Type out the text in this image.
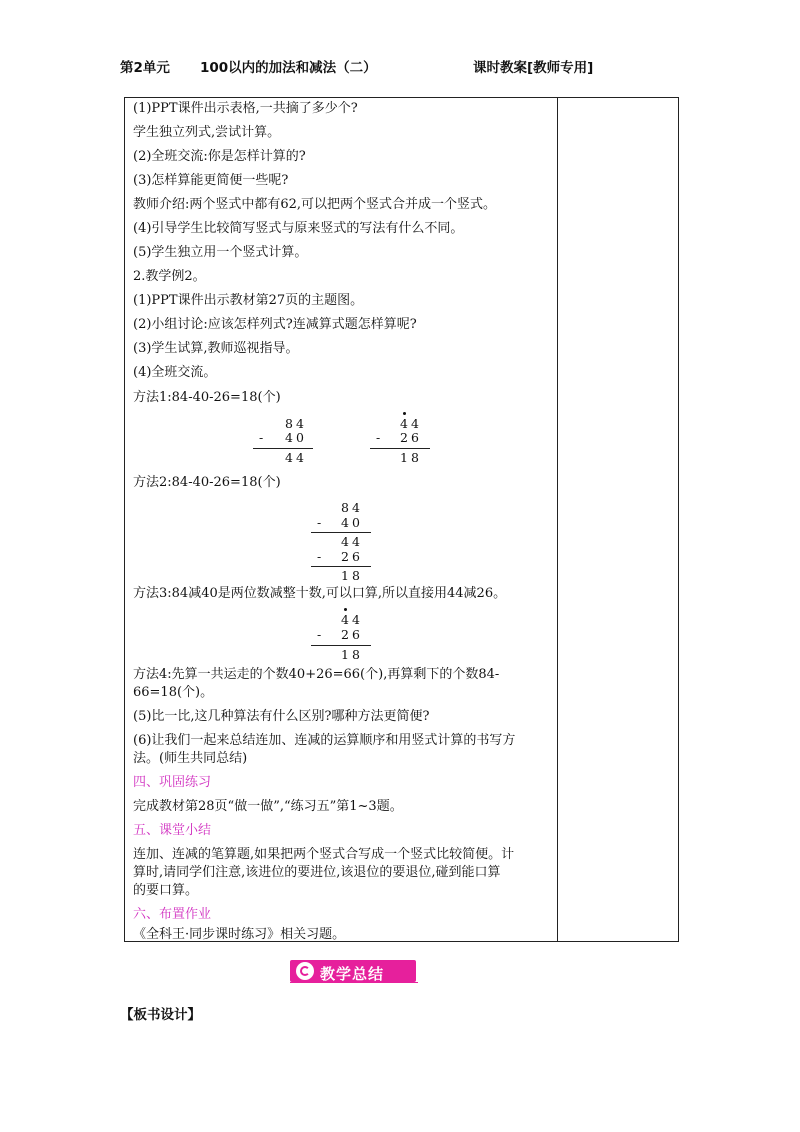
第2单元 100以内的加法和减法（二）	课时教案[教师专用]
(1)PPT课件出示表格,一共摘了多少个?
学生独立列式,尝试计算。
(2)全班交流:你是怎样计算的?
(3)怎样算能更简便一些呢?
教师介绍:两个竖式中都有62,可以把两个竖式合并成一个竖式。
(4)引导学生比较简写竖式与原来竖式的写法有什么不同。
(5)学生独立用一个竖式计算。
2.教学例2。
(1)PPT课件出示教材第27页的主题图。
(2)小组讨论:应该怎样列式?连减算式题怎样算呢?
(3)学生试算,教师巡视指导。
(4)全班交流。
方法1:84-40-26=18(个)
84
- 40
44
44
- 26
18
方法2:84-40-26=18(个)
84
- 40
44
- 26
18
方法3:84减40是两位数减整十数,可以口算,所以直接用44减26。
44
- 26
18
方法4:先算一共运走的个数40+26=66(个),再算剩下的个数84-
66=18(个)。
(5)比一比,这几种算法有什么区别?哪种方法更简便?
(6)让我们一起来总结连加、连减的运算顺序和用竖式计算的书写方
法。(师生共同总结)
四、巩固练习
完成教材第28页“做一做”,“练习五”第1~3题。
五、课堂小结
连加、连减的笔算题,如果把两个竖式合写成一个竖式比较简便。计
算时,请同学们注意,该进位的要进位,该退位的要退位,碰到能口算
的要口算。
六、布置作业
《全科王·同步课时练习》相关习题。
教学总结
【板书设计】
